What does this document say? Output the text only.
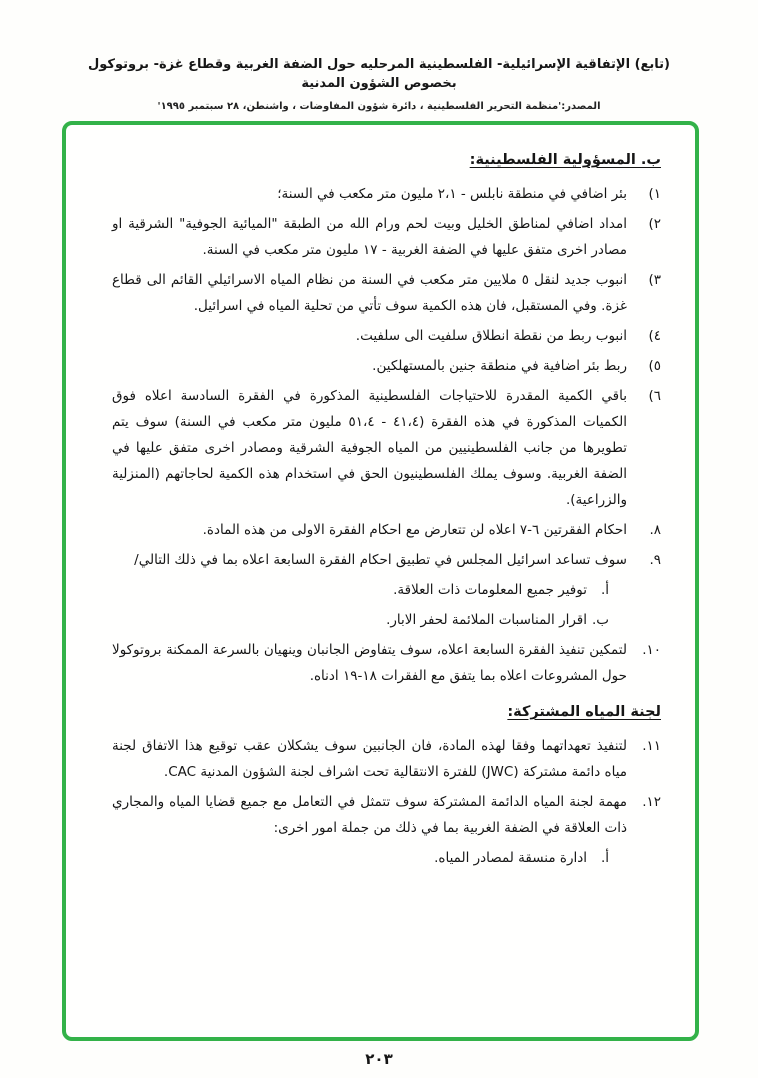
(تابع) الإتفاقية الإسرائيلية- الفلسطينية المرحليه حول الضفة الغربية وقطاع غزة- بروتوكول بخصوص الشؤون المدنية
المصدر:'منظمة التحرير الفلسطينية ، دائرة شؤون المفاوضات ، واشنطن، ٢٨ سبتمبر ١٩٩٥'
ب. المسؤولية الفلسطينية:
١)
بئر اضافي في منطقة نابلس - ٢،١ مليون متر مكعب في السنة؛
٢)
امداد اضافي لمناطق الخليل وبيت لحم ورام الله من الطبقة "الميائية الجوفية" الشرقية او مصادر اخرى متفق عليها في الضفة الغربية - ١٧ مليون متر مكعب في السنة.
٣)
انبوب جديد لنقل ٥ ملايين متر مكعب في السنة من نظام المياه الاسرائيلي القائم الى قطاع غزة. وفي المستقبل، فان هذه الكمية سوف تأتي من تحلية المياه في اسرائيل.
٤)
انبوب ربط من نقطة انطلاق سلفيت الى سلفيت.
٥)
ربط بئر اضافية في منطقة جنين بالمستهلكين.
٦)
باقي الكمية المقدرة للاحتياجات الفلسطينية المذكورة في الفقرة السادسة اعلاه فوق الكميات المذكورة في هذه الفقرة (٤١،٤ - ٥١،٤ مليون متر مكعب في السنة) سوف يتم تطويرها من جانب الفلسطينيين من المياه الجوفية الشرقية ومصادر اخرى متفق عليها في الضفة الغربية. وسوف يملك الفلسطينيون الحق في استخدام هذه الكمية لحاجاتهم (المنزلية والزراعية).
٨.
احكام الفقرتين ٦-٧ اعلاه لن تتعارض مع احكام الفقرة الاولى من هذه المادة.
٩.
سوف تساعد اسرائيل المجلس في تطبيق احكام الفقرة السابعة اعلاه بما في ذلك التالي/
أ.
توفير جميع المعلومات ذات العلاقة.
ب.
اقرار المناسبات الملائمة لحفر الابار.
١٠.
لتمكين تنفيذ الفقرة السابعة اعلاه، سوف يتفاوض الجانبان وينهيان بالسرعة الممكنة بروتوكولا حول المشروعات اعلاه بما يتفق مع الفقرات ١٨-١٩ ادناه.
لجنة المياه المشتركة:
١١.
لتنفيذ تعهداتهما وفقا لهذه المادة، فان الجانبين سوف يشكلان عقب توقيع هذا الاتفاق لجنة مياه دائمة مشتركة (JWC) للفترة الانتقالية تحت اشراف لجنة الشؤون المدنية CAC.
١٢.
مهمة لجنة المياه الدائمة المشتركة سوف تتمثل في التعامل مع جميع قضايا المياه والمجاري ذات العلاقة في الضفة الغربية بما في ذلك من جملة امور اخرى:
أ.
ادارة منسقة لمصادر المياه.
٢٠٣
